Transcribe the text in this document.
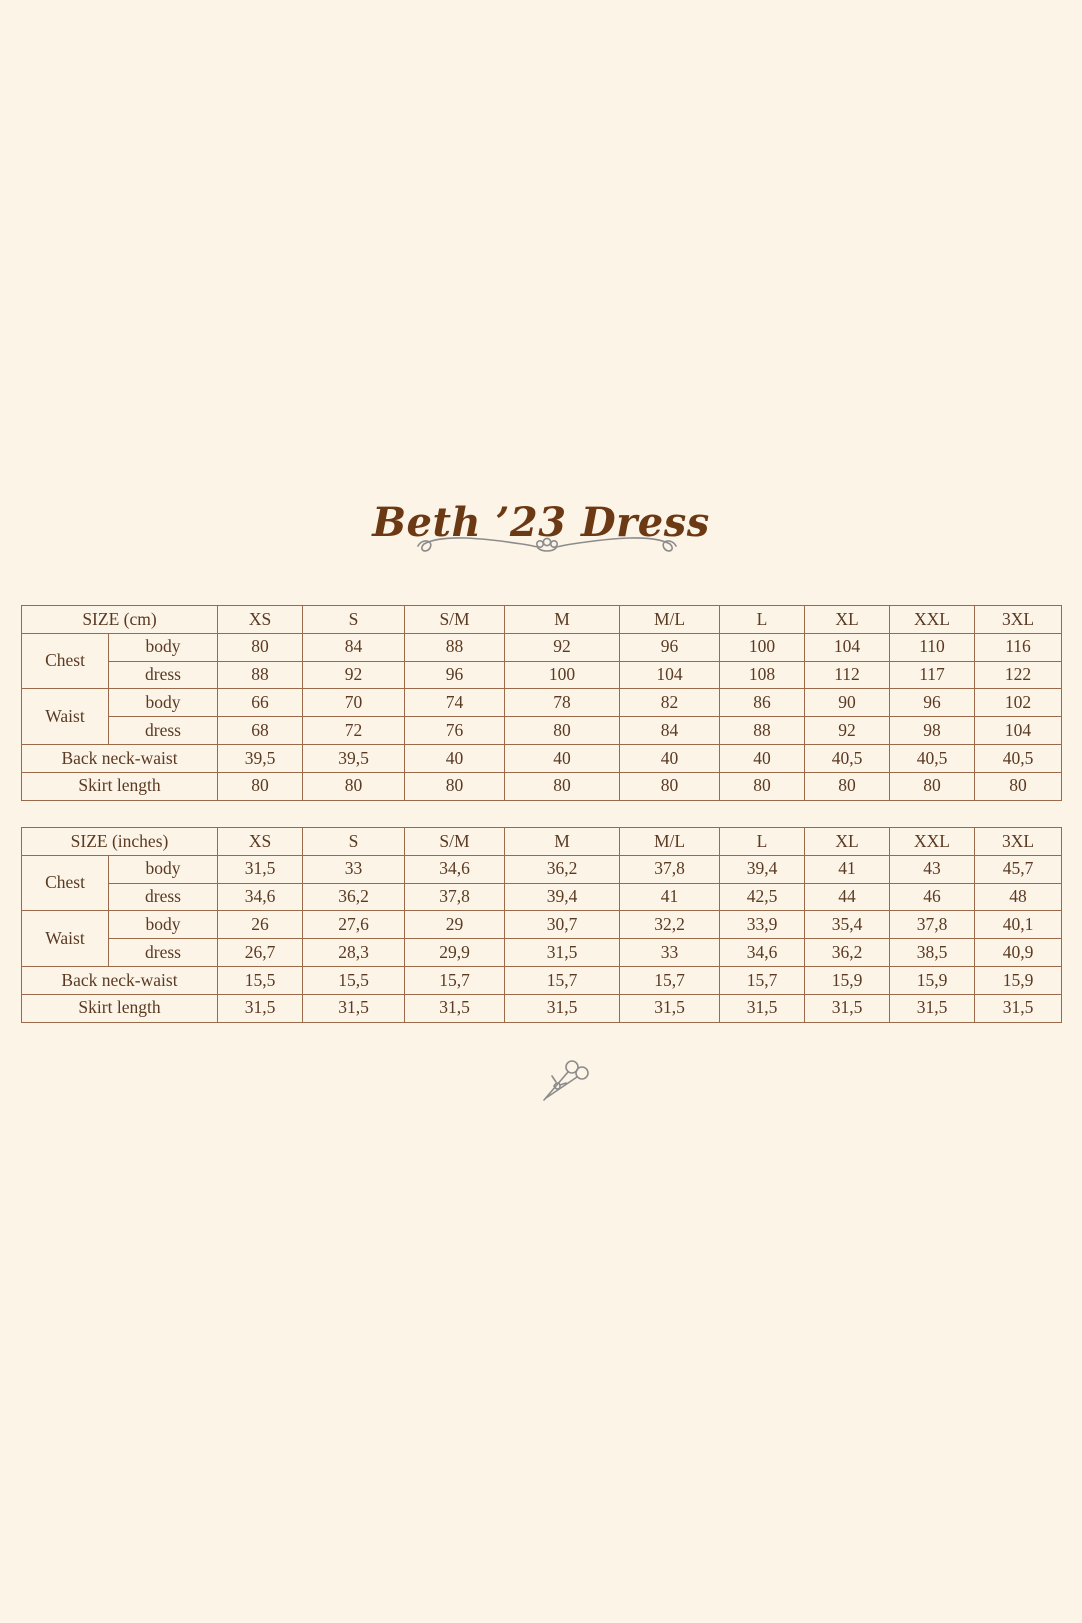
Beth ’23 Dress
SIZE (cm)		XS	S	S/M	M	M/L	L	XL	XXL	3XL
Chest	body	80	84	88	92	96	100	104	110	116
	dress	88	92	96	100	104	108	112	117	122
Waist	body	66	70	74	78	82	86	90	96	102
	dress	68	72	76	80	84	88	92	98	104
Back neck-waist		39,5	39,5	40	40	40	40	40,5	40,5	40,5
Skirt length		80	80	80	80	80	80	80	80	80
SIZE (inches)		XS	S	S/M	M	M/L	L	XL	XXL	3XL
Chest	body	31,5	33	34,6	36,2	37,8	39,4	41	43	45,7
	dress	34,6	36,2	37,8	39,4	41	42,5	44	46	48
Waist	body	26	27,6	29	30,7	32,2	33,9	35,4	37,8	40,1
	dress	26,7	28,3	29,9	31,5	33	34,6	36,2	38,5	40,9
Back neck-waist		15,5	15,5	15,7	15,7	15,7	15,7	15,9	15,9	15,9
Skirt length		31,5	31,5	31,5	31,5	31,5	31,5	31,5	31,5	31,5
